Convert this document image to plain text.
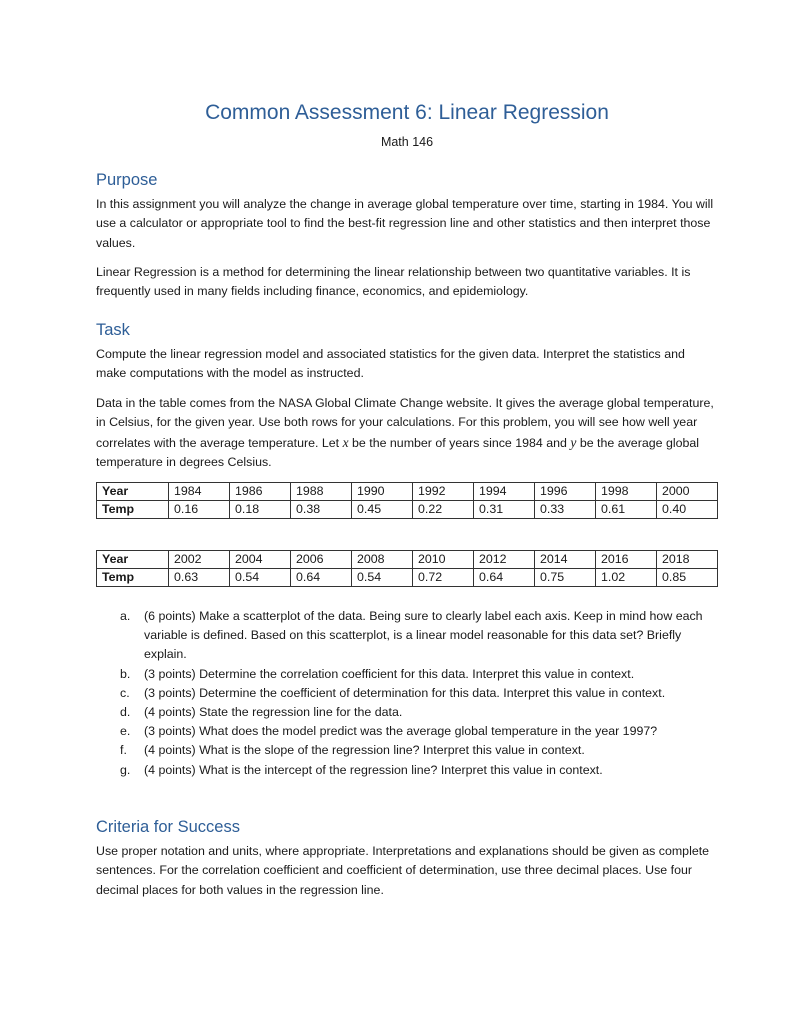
Common Assessment 6: Linear Regression
Math 146
Purpose
In this assignment you will analyze the change in average global temperature over time, starting in 1984. You will use a calculator or appropriate tool to find the best-fit regression line and other statistics and then interpret those values.
Linear Regression is a method for determining the linear relationship between two quantitative variables. It is frequently used in many fields including finance, economics, and epidemiology.
Task
Compute the linear regression model and associated statistics for the given data. Interpret the statistics and make computations with the model as instructed.
Data in the table comes from the NASA Global Climate Change website. It gives the average global temperature, in Celsius, for the given year. Use both rows for your calculations. For this problem, you will see how well year correlates with the average temperature. Let x be the number of years since 1984 and y be the average global temperature in degrees Celsius.
Year	1984	1986	1988	1990	1992	1994	1996	1998	2000
Temp	0.16	0.18	0.38	0.45	0.22	0.31	0.33	0.61	0.40
Year	2002	2004	2006	2008	2010	2012	2014	2016	2018
Temp	0.63	0.54	0.64	0.54	0.72	0.64	0.75	1.02	0.85
a. (6 points) Make a scatterplot of the data. Being sure to clearly label each axis. Keep in mind how each variable is defined. Based on this scatterplot, is a linear model reasonable for this data set? Briefly explain.
b. (3 points) Determine the correlation coefficient for this data. Interpret this value in context.
c. (3 points) Determine the coefficient of determination for this data. Interpret this value in context.
d. (4 points) State the regression line for the data.
e. (3 points) What does the model predict was the average global temperature in the year 1997?
f. (4 points) What is the slope of the regression line? Interpret this value in context.
g. (4 points) What is the intercept of the regression line? Interpret this value in context.
Criteria for Success
Use proper notation and units, where appropriate. Interpretations and explanations should be given as complete sentences. For the correlation coefficient and coefficient of determination, use three decimal places. Use four decimal places for both values in the regression line.
